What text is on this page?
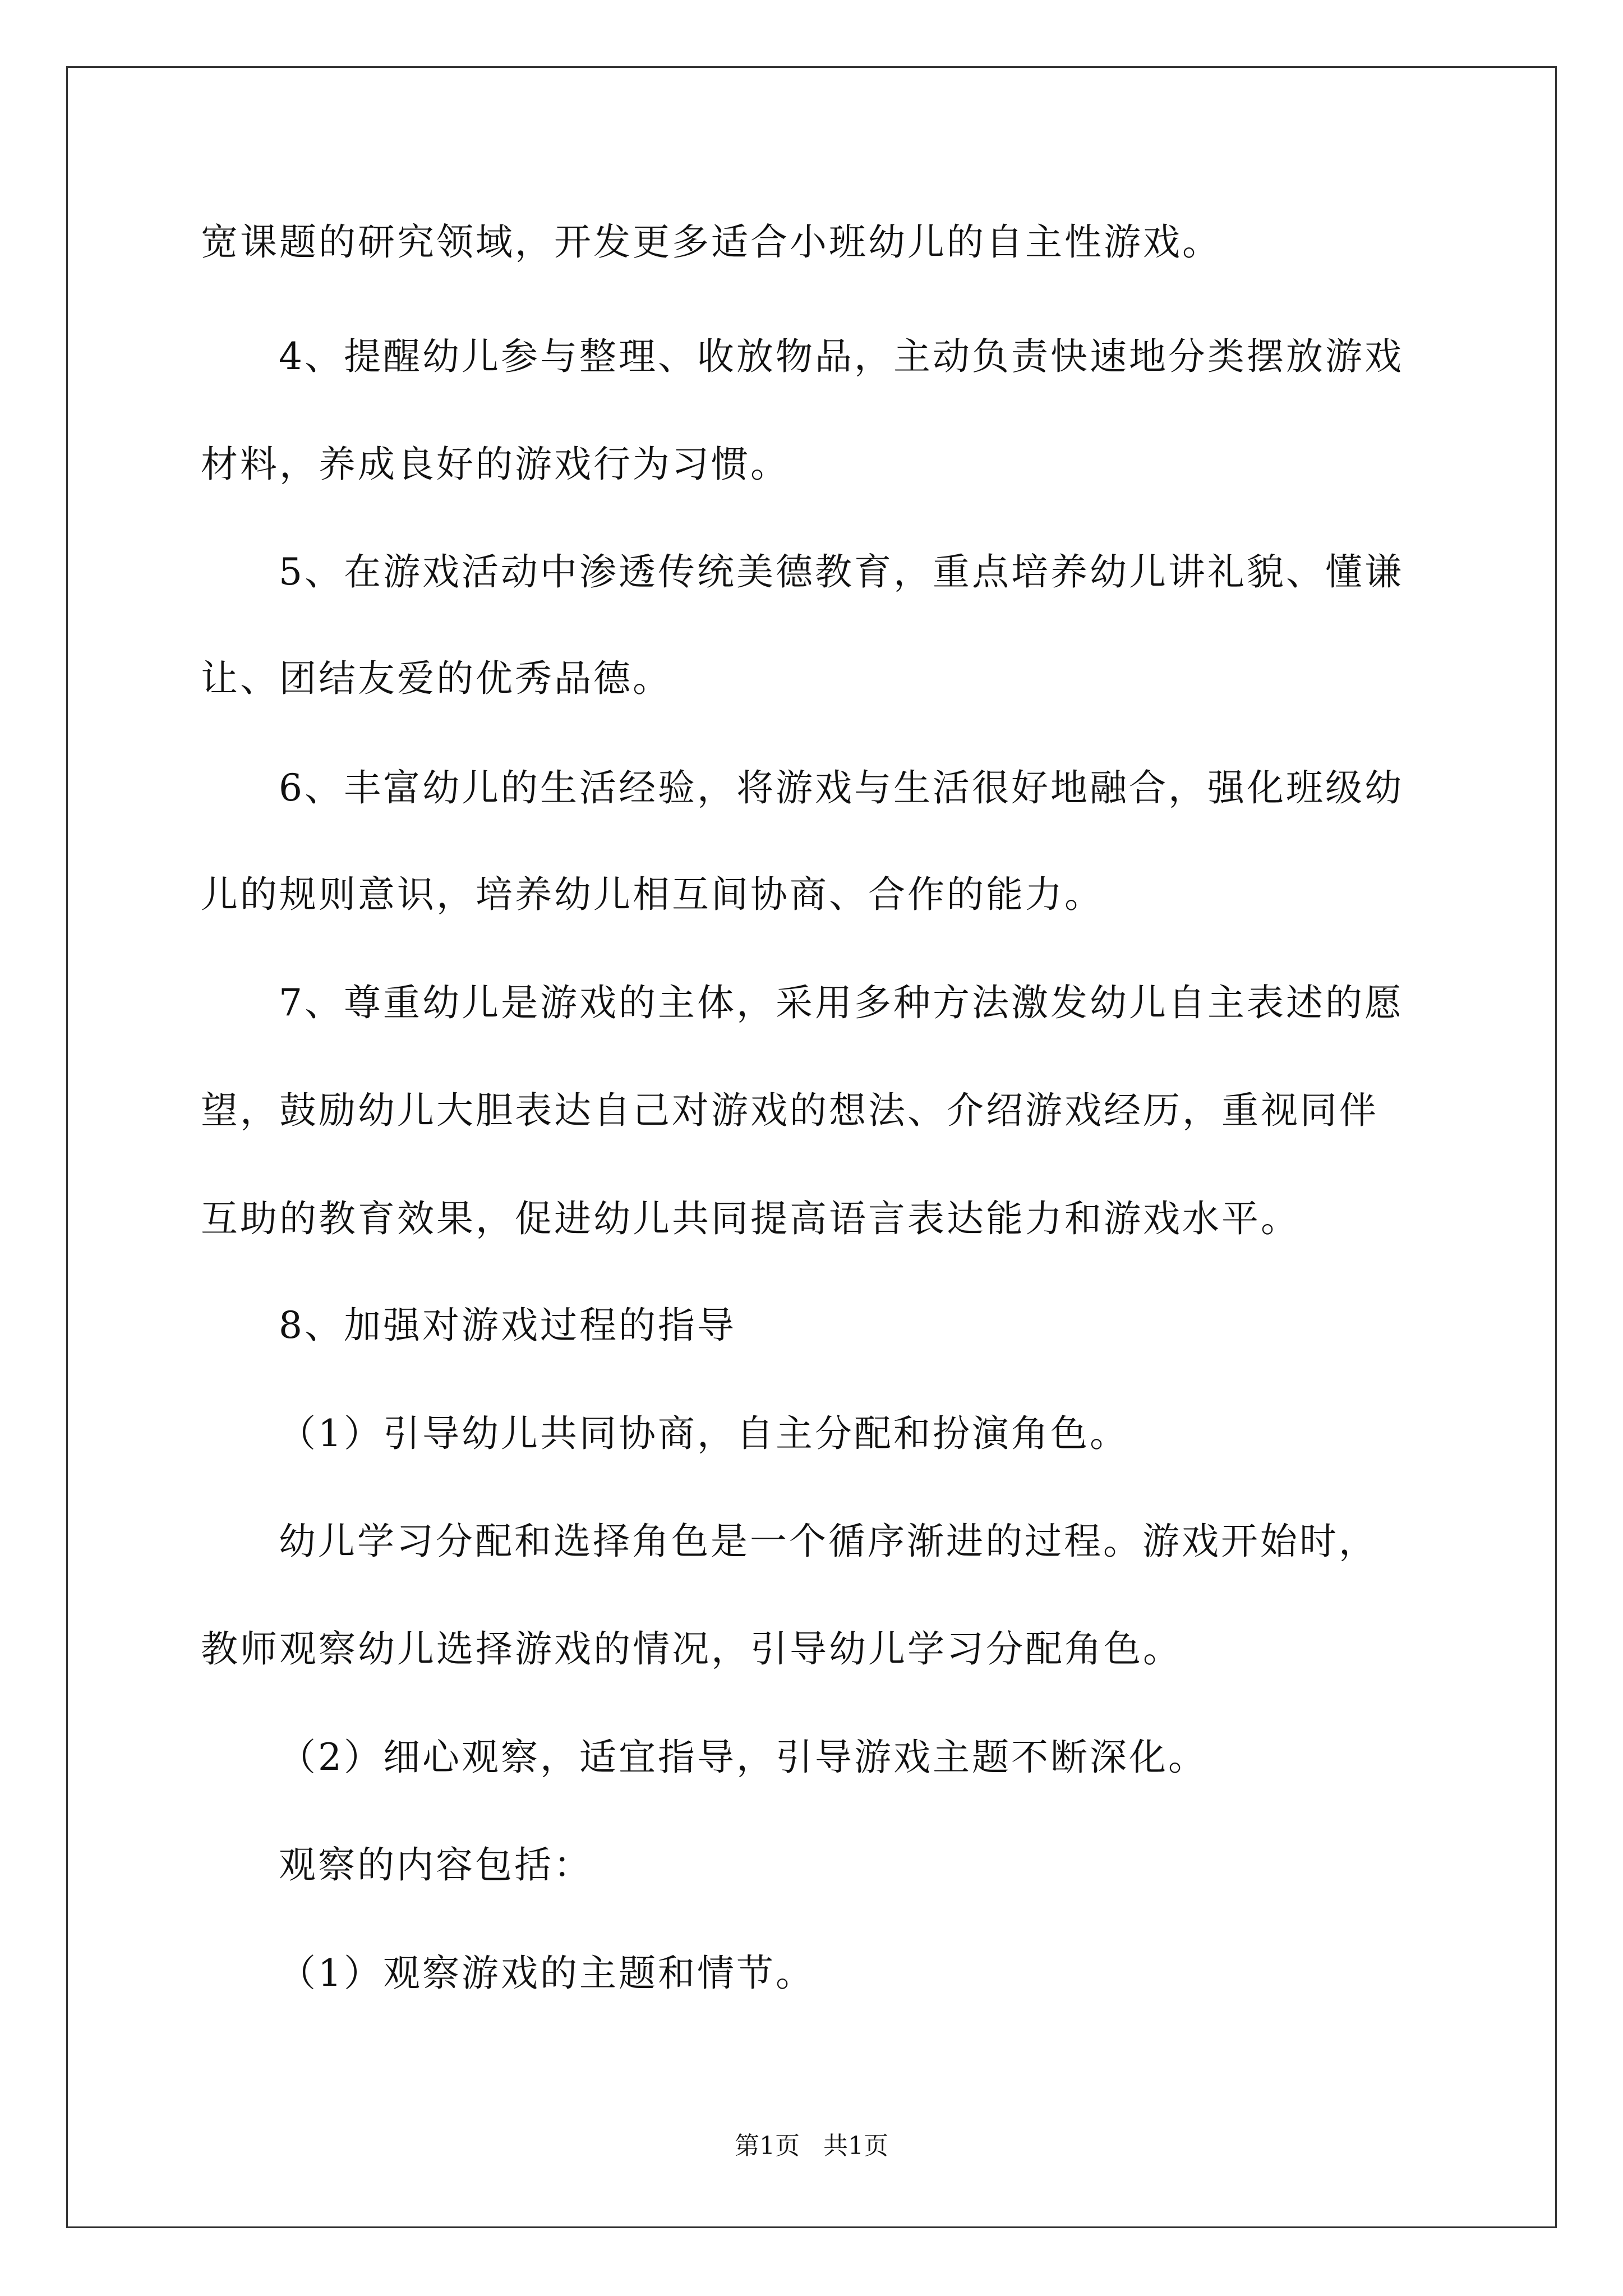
宽课题的研究领域，开发更多适合小班幼儿的自主性游戏。
4、提醒幼儿参与整理、收放物品，主动负责快速地分类摆放游戏
材料，养成良好的游戏行为习惯。
5、在游戏活动中渗透传统美德教育，重点培养幼儿讲礼貌、懂谦
让、团结友爱的优秀品德。
6、丰富幼儿的生活经验，将游戏与生活很好地融合，强化班级幼
儿的规则意识，培养幼儿相互间协商、合作的能力。
7、尊重幼儿是游戏的主体，采用多种方法激发幼儿自主表述的愿
望，鼓励幼儿大胆表达自己对游戏的想法、介绍游戏经历，重视同伴
互助的教育效果，促进幼儿共同提高语言表达能力和游戏水平。
8、加强对游戏过程的指导
（1）引导幼儿共同协商，自主分配和扮演角色。
幼儿学习分配和选择角色是一个循序渐进的过程。游戏开始时，
教师观察幼儿选择游戏的情况，引导幼儿学习分配角色。
（2）细心观察，适宜指导，引导游戏主题不断深化。
观察的内容包括：
（1）观察游戏的主题和情节。
第1页 共1页
